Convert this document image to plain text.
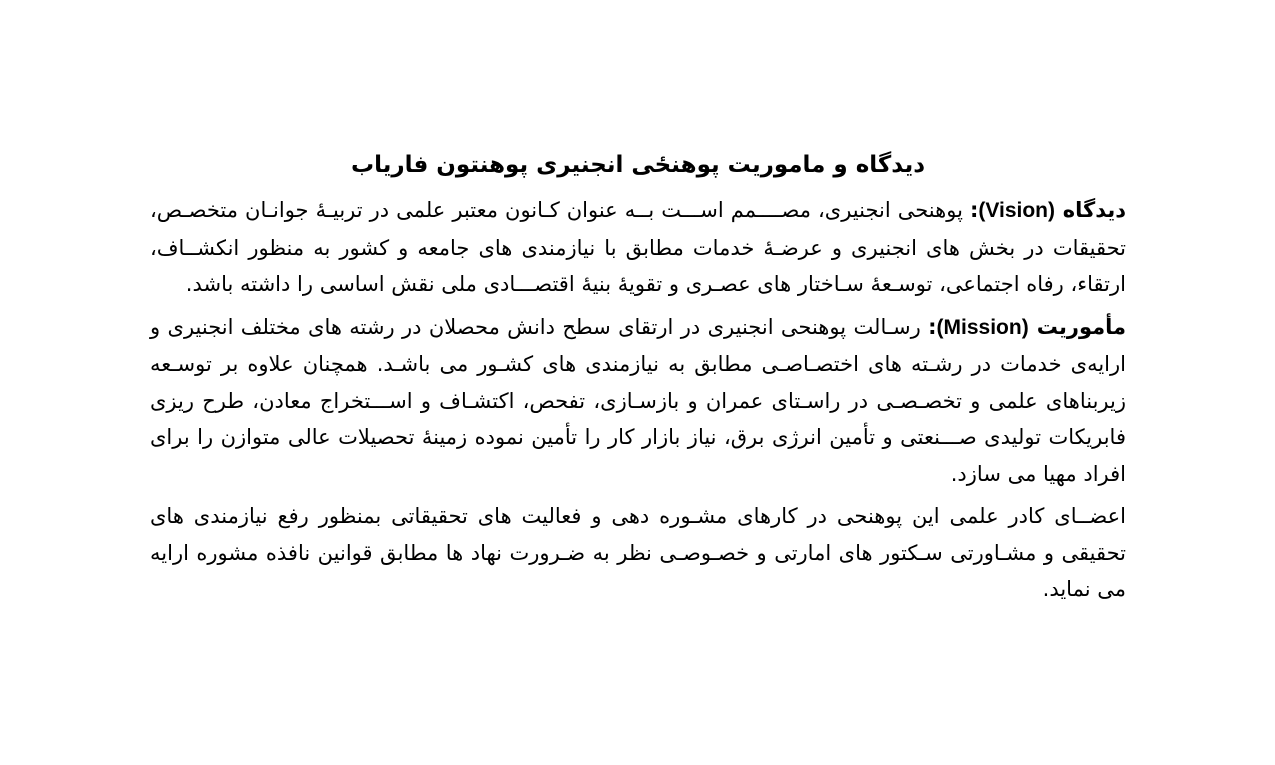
دیدگاه و ماموریت پوهنځی انجنیری پوهنتون فاریاب

دیدگاه (Vision): پوهنحی انجنیری، مصــــمم اســـت بــه عنوان کـانون معتبر علمی در تربیـۀ جوانـان متخصـص، تحقیقات در بخش های انجنیری و عرضـۀ خدمات مطابق با نیازمندی های جامعه و کشور به منظور انکشــاف، ارتقاء، رفاه اجتماعی، توسـعۀ سـاختار های عصـری و تقویۀ بنیۀ اقتصـــادی ملی نقش اساسی را داشته باشد.

مأموریت (Mission): رسـالت پوهنحی انجنیری در ارتقای سطح دانش محصلان در رشته های مختلف انجنیری و ارایه‌ی خدمات در رشـته های اختصـاصـی مطابق به نیازمندی های کشـور می باشـد. همچنان علاوه بر توسـعه زیربناهای علمی و تخصـصـی در راسـتای عمران و بازسـازی، تفحص، اکتشـاف و اســـتخراج معادن، طرح ریزی فابریکات تولیدی صـــنعتی و تأمین انرژی برق، نیاز بازار کار را تأمین نموده زمینۀ تحصیلات عالی متوازن را برای افراد مهیا می سازد.

اعضــای کادر علمی این پوهنحی در کارهای مشـوره دهی و فعالیت های تحقیقاتی بمنظور رفع نیازمندی های تحقیقی و مشـاورتی سـکتور های امارتی و خصـوصـی نظر به ضـرورت نهاد ها مطابق قوانین نافذه مشوره ارایه می نماید.
